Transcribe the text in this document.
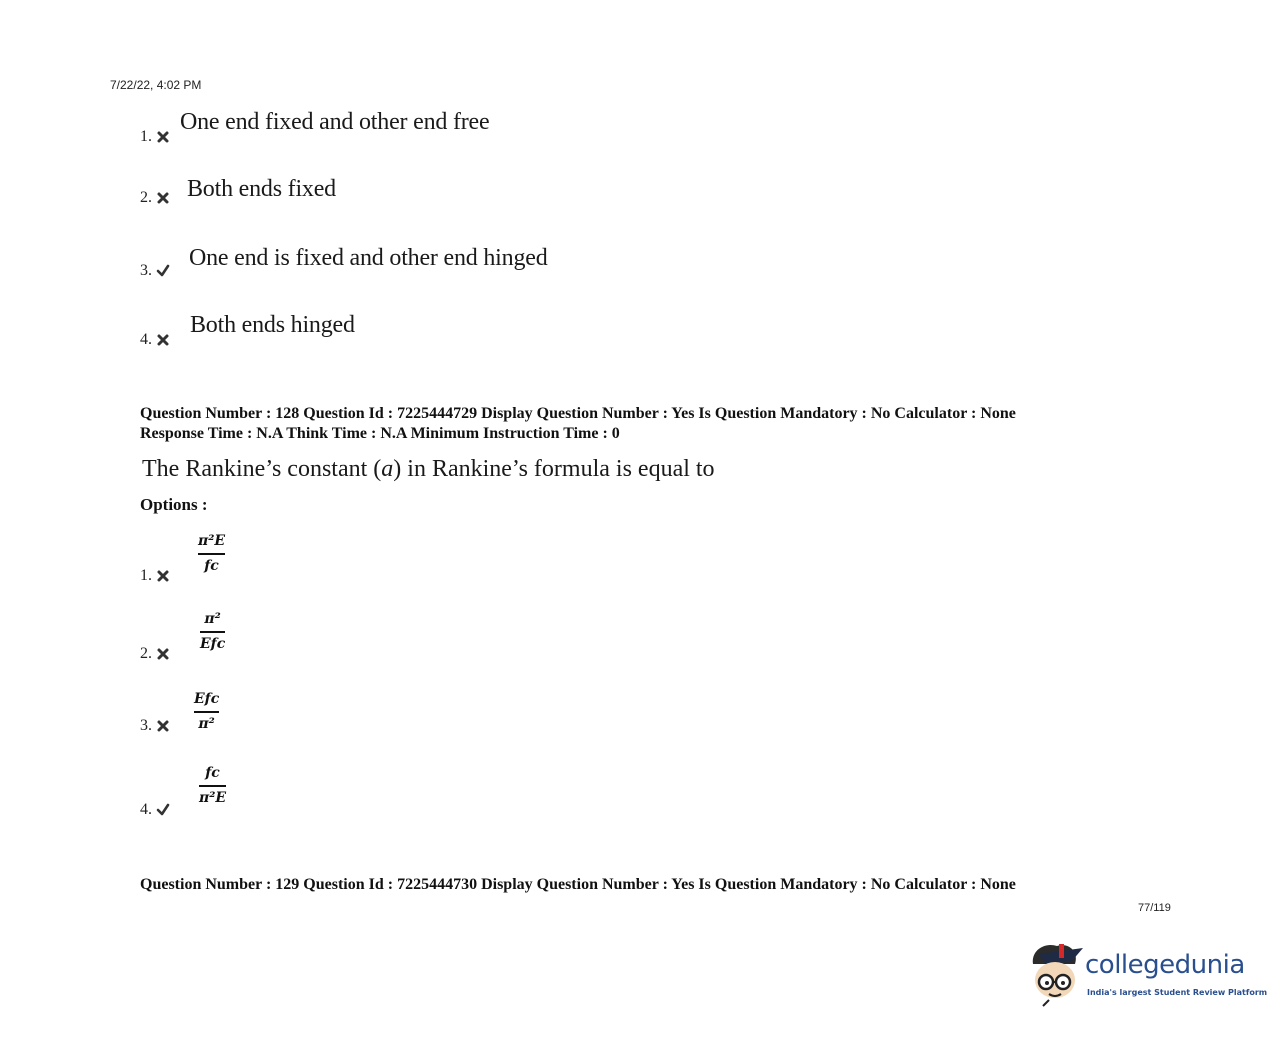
7/22/22, 4:02 PM
1.
One end fixed and other end free
2.	Both ends fixed
3.	One end is fixed and other end hinged
4.
Both ends hinged
Question Number : 128 Question Id : 7225444729 Display Question Number : Yes Is Question Mandatory : No Calculator : None
Response Time : N.A Think Time : N.A Minimum Instruction Time : 0
The Rankine’s constant (a) in Rankine’s formula is equal to
Options :
1.
$\frac{\text{π²E}}{fc}$
2.
$\frac{\text{π²}}{\text{Efc}}$
3.	$\frac{\text{Efc}}{\text{π²}}$
4.
$\frac{fc}{\text{π²E}}$
Question Number : 129 Question Id : 7225444730 Display Question Number : Yes Is Question Mandatory : No Calculator : None
77/119
collegedunia
India's largest Student Review Platform
